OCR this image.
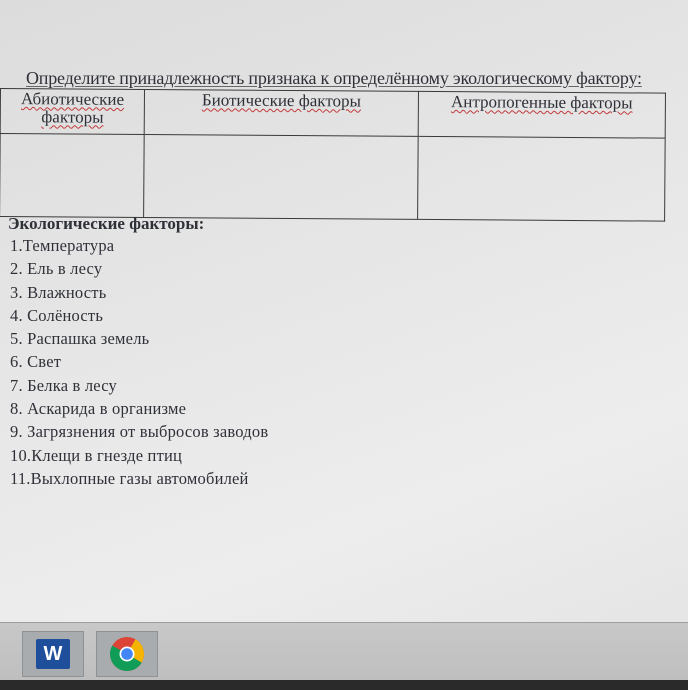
Определите принадлежность признака к определённому экологическому фактору:
Абиотические факторы	Биотические факторы	Антропогенные факторы

Экологические факторы:
1.Температура
2. Ель в лесу
3. Влажность
4. Солёность
5. Распашка земель
6. Свет
7. Белка в лесу
8. Аскарида в организме
9. Загрязнения от выбросов заводов
10.Клещи в гнезде птиц
11.Выхлопные газы автомобилей
W
